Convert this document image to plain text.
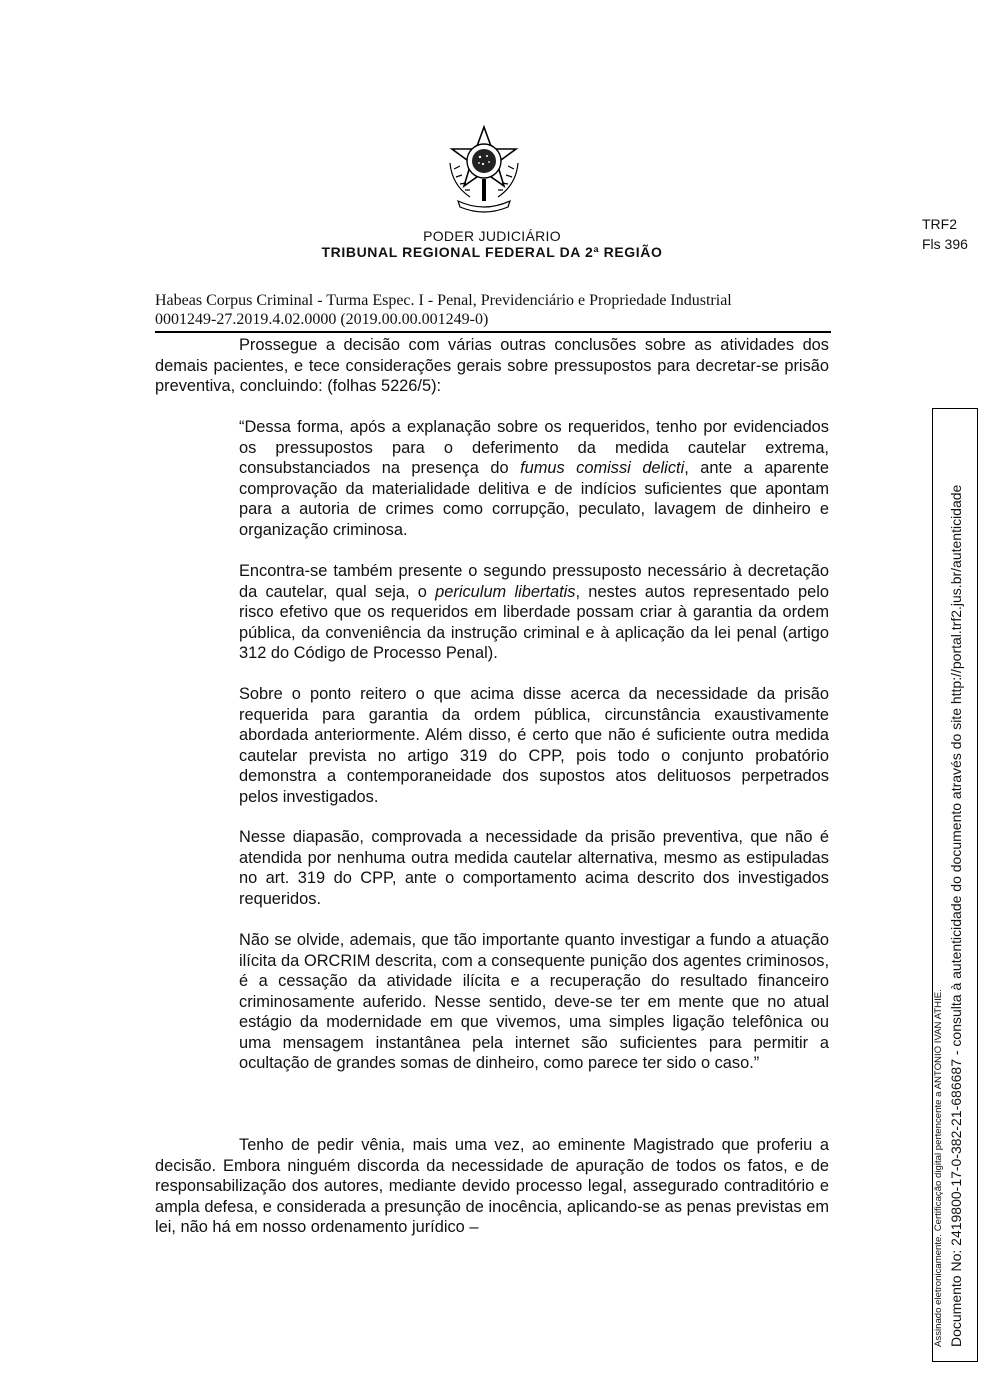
PODER JUDICIÁRIO
TRIBUNAL REGIONAL FEDERAL DA 2ª REGIÃO
TRF2
Fls 396
Habeas Corpus Criminal - Turma Espec. I - Penal, Previdenciário e Propriedade Industrial
0001249-27.2019.4.02.0000 (2019.00.00.001249-0)

Prossegue a decisão com várias outras conclusões sobre as atividades dos demais pacientes, e tece considerações gerais sobre pressupostos para decretar-se prisão preventiva, concluindo: (folhas 5226/5):

“Dessa forma, após a explanação sobre os requeridos, tenho por evidenciados os pressupostos para o deferimento da medida cautelar extrema, consubstanciados na presença do fumus comissi delicti, ante a aparente comprovação da materialidade delitiva e de indícios suficientes que apontam para a autoria de crimes como corrupção, peculato, lavagem de dinheiro e organização criminosa.

Encontra-se também presente o segundo pressuposto necessário à decretação da cautelar, qual seja, o periculum libertatis, nestes autos representado pelo risco efetivo que os requeridos em liberdade possam criar à garantia da ordem pública, da conveniência da instrução criminal e à aplicação da lei penal (artigo 312 do Código de Processo Penal).

Sobre o ponto reitero o que acima disse acerca da necessidade da prisão requerida para garantia da ordem pública, circunstância exaustivamente abordada anteriormente. Além disso, é certo que não é suficiente outra medida cautelar prevista no artigo 319 do CPP, pois todo o conjunto probatório demonstra a contemporaneidade dos supostos atos delituosos perpetrados pelos investigados.

Nesse diapasão, comprovada a necessidade da prisão preventiva, que não é atendida por nenhuma outra medida cautelar alternativa, mesmo as estipuladas no art. 319 do CPP, ante o comportamento acima descrito dos investigados requeridos.

Não se olvide, ademais, que tão importante quanto investigar a fundo a atuação ilícita da ORCRIM descrita, com a consequente punição dos agentes criminosos, é a cessação da atividade ilícita e a recuperação do resultado financeiro criminosamente auferido. Nesse sentido, deve-se ter em mente que no atual estágio da modernidade em que vivemos, uma simples ligação telefônica ou uma mensagem instantânea pela internet são suficientes para permitir a ocultação de grandes somas de dinheiro, como parece ter sido o caso.”

Tenho de pedir vênia, mais uma vez, ao eminente Magistrado que proferiu a decisão. Embora ninguém discorda da necessidade de apuração de todos os fatos, e de responsabilização dos autores, mediante devido processo legal, assegurado contraditório e ampla defesa, e considerada a presunção de inocência, aplicando-se as penas previstas em lei, não há em nosso ordenamento jurídico –	Assinado eletronicamente. Certificação digital pertencente a ANTONIO IVAN ATHIE. Documento No: 2419800-17-0-382-21-686687 - consulta à autenticidade do documento através do site http://portal.trf2.jus.br/autenticidade
